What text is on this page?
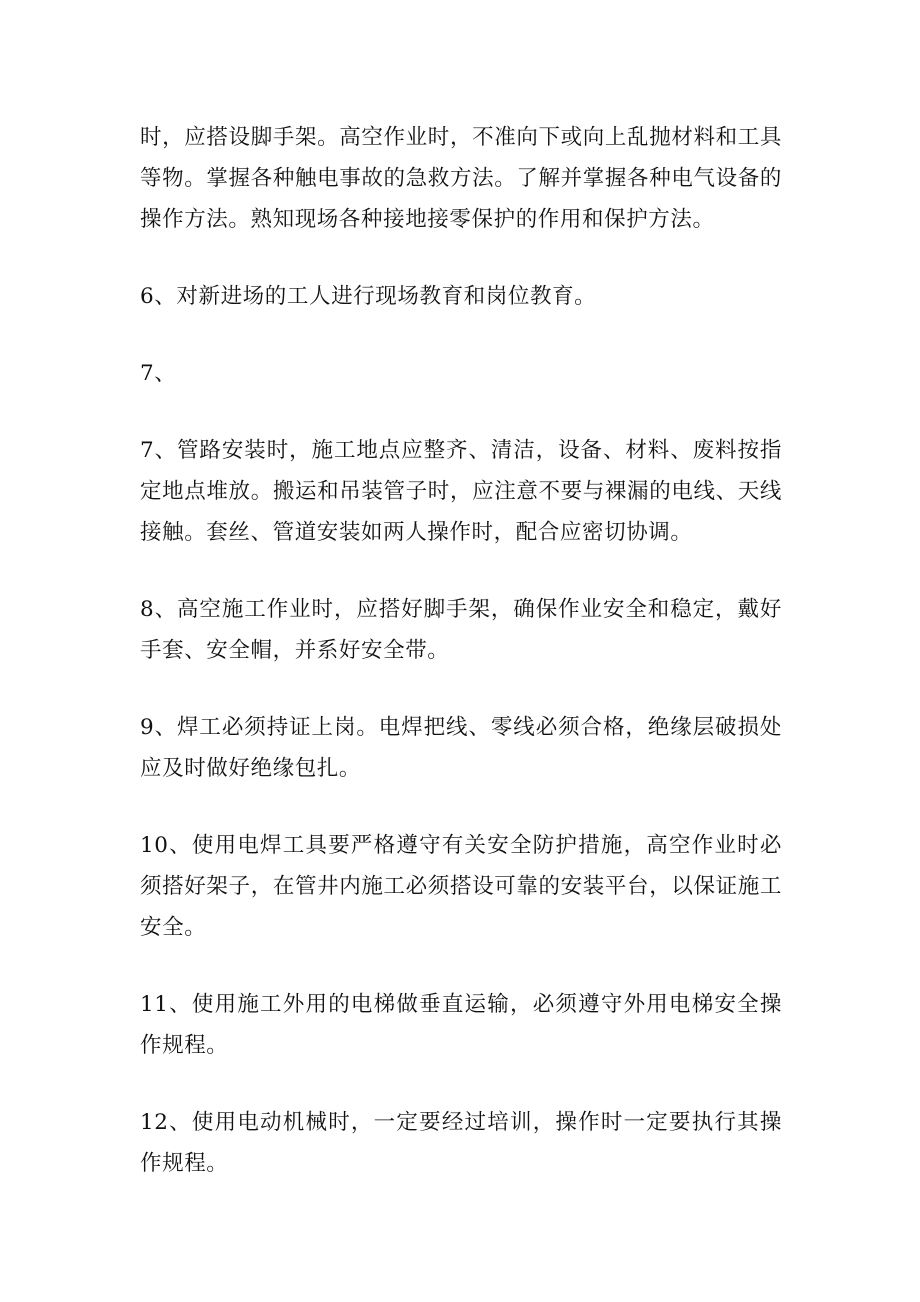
时，应搭设脚手架。高空作业时，不准向下或向上乱抛材料和工具等物。掌握各种触电事故的急救方法。了解并掌握各种电气设备的操作方法。熟知现场各种接地接零保护的作用和保护方法。

6、对新进场的工人进行现场教育和岗位教育。

7、

7、管路安装时，施工地点应整齐、清洁，设备、材料、废料按指定地点堆放。搬运和吊装管子时，应注意不要与裸漏的电线、天线接触。套丝、管道安装如两人操作时，配合应密切协调。

8、高空施工作业时，应搭好脚手架，确保作业安全和稳定，戴好手套、安全帽，并系好安全带。

9、焊工必须持证上岗。电焊把线、零线必须合格，绝缘层破损处应及时做好绝缘包扎。

10、使用电焊工具要严格遵守有关安全防护措施，高空作业时必须搭好架子，在管井内施工必须搭设可靠的安装平台，以保证施工安全。

11、使用施工外用的电梯做垂直运输，必须遵守外用电梯安全操作规程。

12、使用电动机械时，一定要经过培训，操作时一定要执行其操作规程。
